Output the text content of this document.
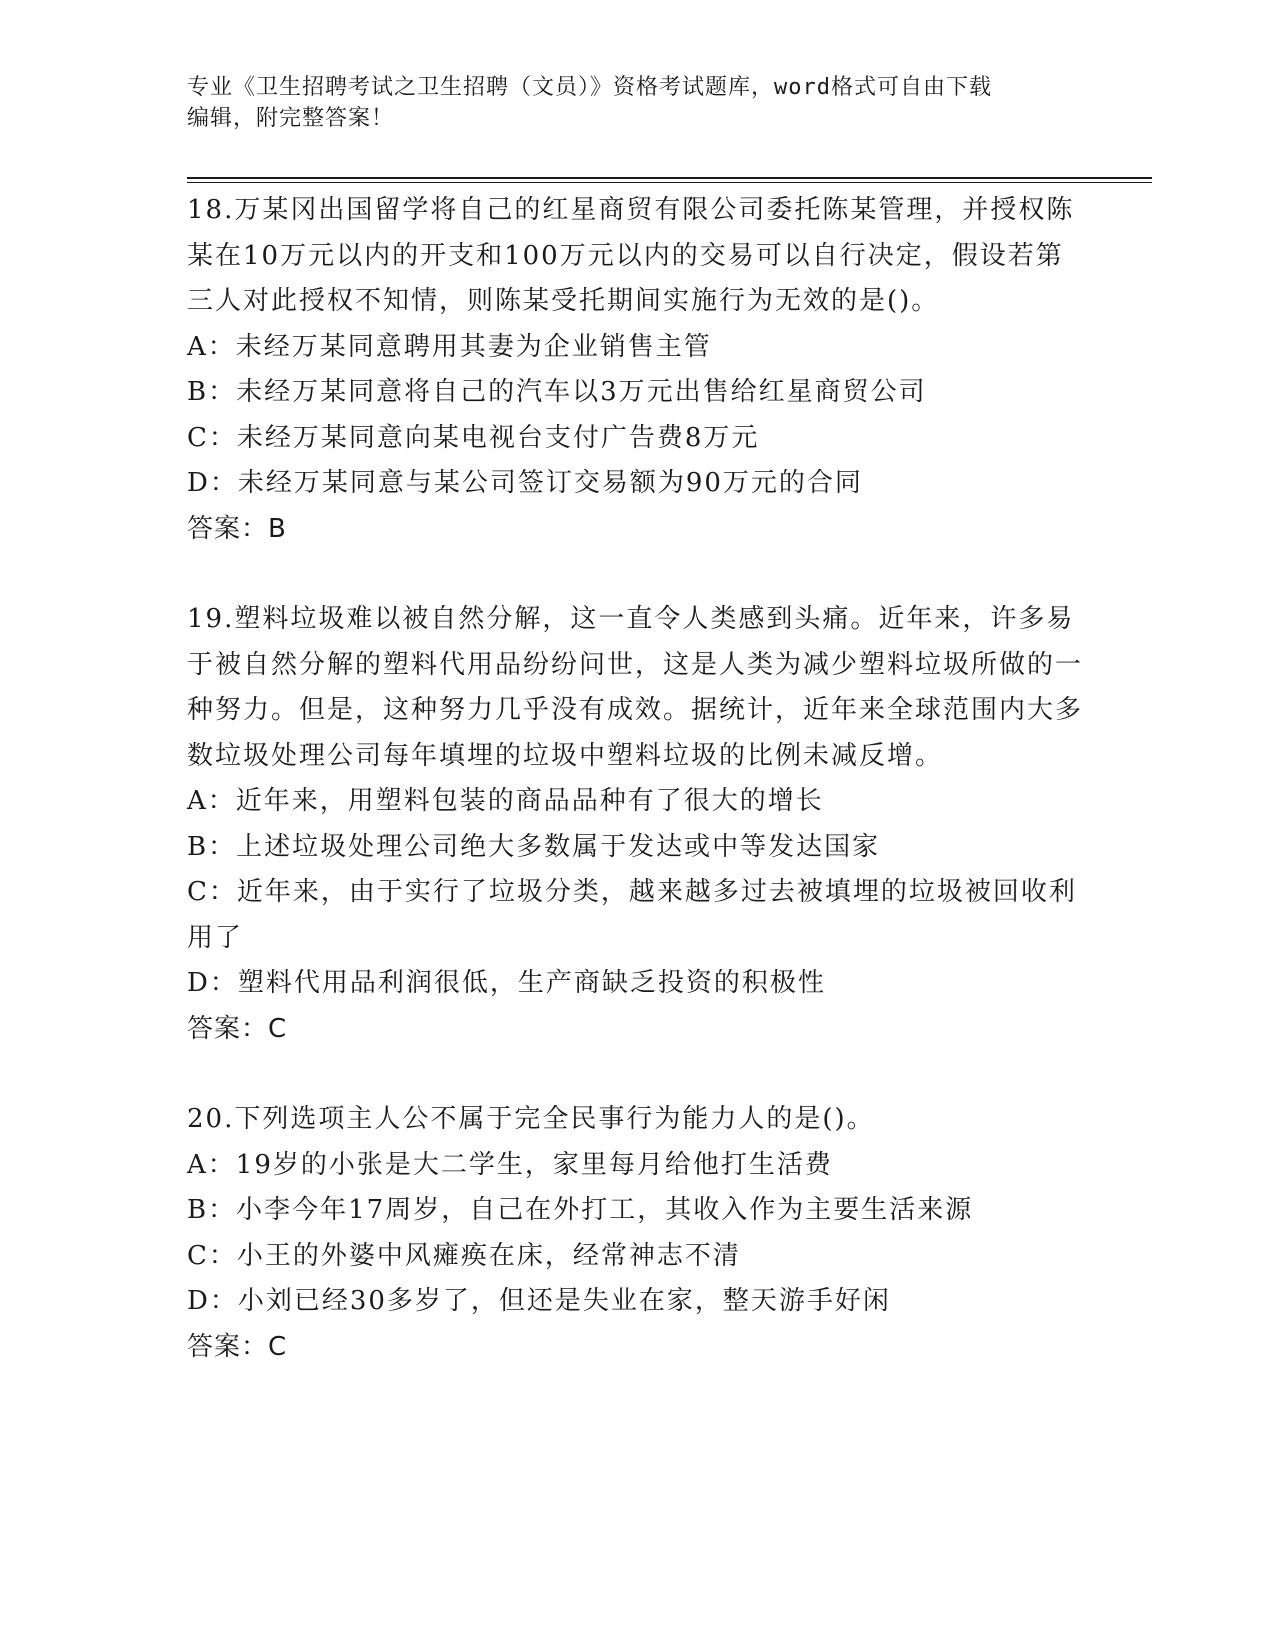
专业《卫生招聘考试之卫生招聘（文员）》资格考试题库，word格式可自由下载
编辑，附完整答案！

18.万某冈出国留学将自己的红星商贸有限公司委托陈某管理，并授权陈某在10万元以内的开支和100万元以内的交易可以自行决定，假设若第三人对此授权不知情，则陈某受托期间实施行为无效的是()。

A：未经万某同意聘用其妻为企业销售主管

B：未经万某同意将自己的汽车以3万元出售给红星商贸公司

C：未经万某同意向某电视台支付广告费8万元

D：未经万某同意与某公司签订交易额为90万元的合同

答案：B

19.塑料垃圾难以被自然分解，这一直令人类感到头痛。近年来，许多易于被自然分解的塑料代用品纷纷问世，这是人类为减少塑料垃圾所做的一种努力。但是，这种努力几乎没有成效。据统计，近年来全球范围内大多数垃圾处理公司每年填埋的垃圾中塑料垃圾的比例未减反增。

A：近年来，用塑料包装的商品品种有了很大的增长

B：上述垃圾处理公司绝大多数属于发达或中等发达国家

C：近年来，由于实行了垃圾分类，越来越多过去被填埋的垃圾被回收利用了

D：塑料代用品利润很低，生产商缺乏投资的积极性

答案：C

20.下列选项主人公不属于完全民事行为能力人的是()。

A：19岁的小张是大二学生，家里每月给他打生活费

B：小李今年17周岁，自己在外打工，其收入作为主要生活来源

C：小王的外婆中风瘫痪在床，经常神志不清

D：小刘已经30多岁了，但还是失业在家，整天游手好闲

答案：C
